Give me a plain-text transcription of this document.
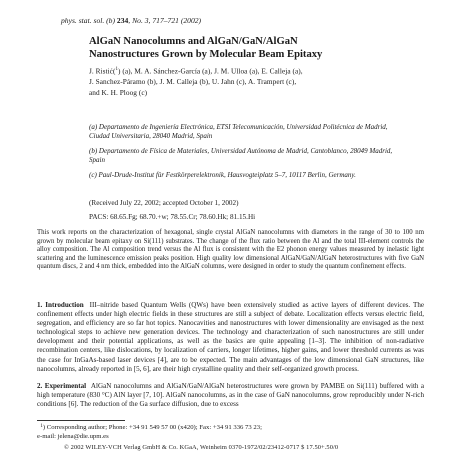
phys. stat. sol. (b) 234, No. 3, 717–721 (2002)
AlGaN Nanocolumns and AlGaN/GaN/AlGaN
Nanostructures Grown by Molecular Beam Epitaxy
J. Ristić($^1$) (a), M. A. Sánchez-García (a), J. M. Ulloa (a), E. Calleja (a),
J. Sanchez-Páramo (b), J. M. Calleja (b), U. Jahn (c), A. Trampert (c),
and K. H. Ploog (c)
(a) Departamento de Ingeniería Electrónica, ETSI Telecomunicación, Universidad Politécnica de Madrid, Ciudad Universitaria, 28040 Madrid, Spain
(b) Departamento de Física de Materiales, Universidad Autónoma de Madrid, Cantoblanco, 28049 Madrid, Spain
(c) Paul-Drude-Institut für Festkörperelektronik, Hausvogteiplatz 5–7, 10117 Berlin, Germany.
(Received July 22, 2002; accepted October 1, 2002)
PACS: 68.65.Fg; 68.70.+w; 78.55.Cr; 78.60.Hk; 81.15.Hi
This work reports on the characterization of hexagonal, single crystal AlGaN nanocolumns with diameters in the range of 30 to 100 nm grown by molecular beam epitaxy on Si(111) substrates. The change of the flux ratio between the Al and the total III-element controls the alloy composition. The Al composition trend versus the Al flux is consistent with the E2 phonon energy values measured by inelastic light scattering and the luminescence emission peaks position. High quality low dimensional AlGaN/GaN/AlGaN heterostructures with five GaN quantum discs, 2 and 4 nm thick, embedded into the AlGaN columns, were designed in order to study the quantum confinement effects.
1. Introduction III–nitride based Quantum Wells (QWs) have been extensively studied as active layers of different devices. The confinement effects under high electric fields in these structures are still a subject of debate. Localization effects versus electric field, segregation, and efficiency are so far hot topics. Nanocavities and nanostructures with lower dimensionality are envisaged as the next technological steps to achieve new generation devices. The technology and characterization of such nanostructures are still under development and their potential applications, as well as the basics are quite appealing [1–3]. The inhibition of non-radiative recombination centers, like dislocations, by localization of carriers, longer lifetimes, higher gains, and lower threshold currents as was the case for InGaAs-based laser devices [4], are to be expected. The main advantages of the low dimensional GaN structures, like nanocolumns, already reported in [5, 6], are their high crystalline quality and their self-organized growth process.
2. Experimental AlGaN nanocolumns and AlGaN/GaN/AlGaN heterostructures were grown by PAMBE on Si(111) buffered with a high temperature (830 °C) AlN layer [7, 10]. AlGaN nanocolumns, as in the case of GaN nanocolumns, grow reproducibly under N-rich conditions [6]. The reduction of the Ga surface diffusion, due to excess
$^1$) Corresponding author; Phone: +34 91 549 57 00 (x420); Fax: +34 91 336 73 23;
e-mail: jelena@die.upm.es
© 2002 WILEY-VCH Verlag GmbH & Co. KGaA, Weinheim 0370-1972/02/23412-0717 $ 17.50+.50/0
